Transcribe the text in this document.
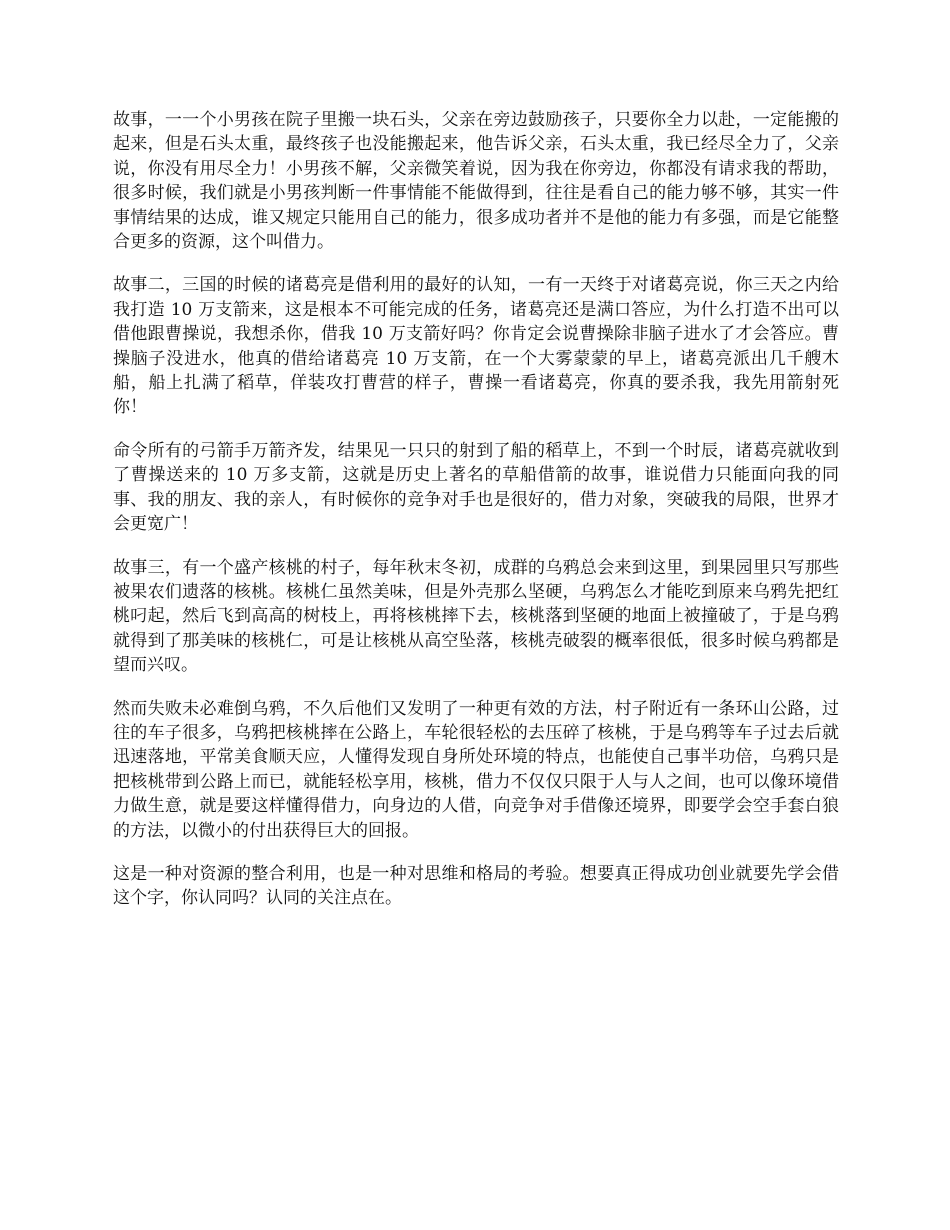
故事，一一个小男孩在院子里搬一块石头，父亲在旁边鼓励孩子，只要你全力以赴，一定能搬的起来，但是石头太重，最终孩子也没能搬起来，他告诉父亲，石头太重，我已经尽全力了，父亲说，你没有用尽全力！小男孩不解，父亲微笑着说，因为我在你旁边，你都没有请求我的帮助，很多时候，我们就是小男孩判断一件事情能不能做得到，往往是看自己的能力够不够，其实一件事情结果的达成，谁又规定只能用自己的能力，很多成功者并不是他的能力有多强，而是它能整合更多的资源，这个叫借力。

故事二，三国的时候的诸葛亮是借利用的最好的认知，一有一天终于对诸葛亮说，你三天之内给我打造 10 万支箭来，这是根本不可能完成的任务，诸葛亮还是满口答应，为什么打造不出可以借他跟曹操说，我想杀你，借我 10 万支箭好吗？你肯定会说曹操除非脑子进水了才会答应。曹操脑子没进水，他真的借给诸葛亮 10 万支箭，在一个大雾蒙蒙的早上，诸葛亮派出几千艘木船，船上扎满了稻草，佯装攻打曹营的样子，曹操一看诸葛亮，你真的要杀我，我先用箭射死你！

命令所有的弓箭手万箭齐发，结果见一只只的射到了船的稻草上，不到一个时辰，诸葛亮就收到了曹操送来的 10 万多支箭，这就是历史上著名的草船借箭的故事，谁说借力只能面向我的同事、我的朋友、我的亲人，有时候你的竞争对手也是很好的，借力对象，突破我的局限，世界才会更宽广！

故事三，有一个盛产核桃的村子，每年秋末冬初，成群的乌鸦总会来到这里，到果园里只写那些被果农们遗落的核桃。核桃仁虽然美味，但是外壳那么坚硬，乌鸦怎么才能吃到原来乌鸦先把红桃叼起，然后飞到高高的树枝上，再将核桃摔下去，核桃落到坚硬的地面上被撞破了，于是乌鸦就得到了那美味的核桃仁，可是让核桃从高空坠落，核桃壳破裂的概率很低，很多时候乌鸦都是望而兴叹。

然而失败未必难倒乌鸦，不久后他们又发明了一种更有效的方法，村子附近有一条环山公路，过往的车子很多，乌鸦把核桃摔在公路上，车轮很轻松的去压碎了核桃，于是乌鸦等车子过去后就迅速落地，平常美食顺天应，人懂得发现自身所处环境的特点，也能使自己事半功倍，乌鸦只是把核桃带到公路上而已，就能轻松享用，核桃，借力不仅仅只限于人与人之间，也可以像环境借力做生意，就是要这样懂得借力，向身边的人借，向竞争对手借像还境界，即要学会空手套白狼的方法，以微小的付出获得巨大的回报。

这是一种对资源的整合利用，也是一种对思维和格局的考验。想要真正得成功创业就要先学会借这个字，你认同吗？认同的关注点在。
